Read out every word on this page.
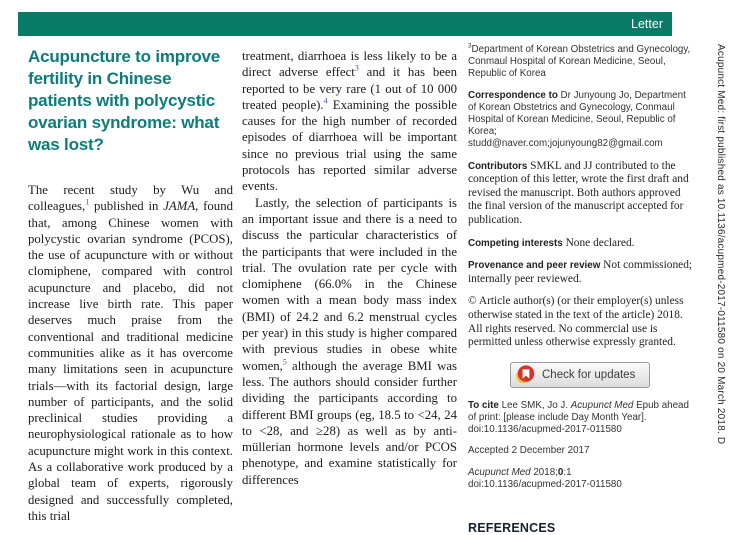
Letter
Acupunct Med: first published as 10.1136/acupmed-2017-011580 on 20 March 2018. D
Acupuncture to improve
fertility in Chinese
patients with polycystic
ovarian syndrome: what
was lost?

The recent study by Wu and colleagues,$^1$ published in JAMA, found that, among Chinese women with polycystic ovarian syndrome (PCOS), the use of acupuncture with or without clomiphene, compared with control acupuncture and placebo, did not increase live birth rate. This paper deserves much praise from the conventional and traditional medicine communities alike as it has overcome many limitations seen in acupuncture trials—with its factorial design, large number of participants, and the solid preclinical studies providing a neurophysiological rationale as to how acupuncture might work in this context. As a collaborative work produced by a global team of experts, rigorously designed and successfully completed, this trial

treatment, diarrhoea is less likely to be a direct adverse effect$^3$ and it has been reported to be very rare (1 out of 10 000 treated people).$^4$ Examining the possible causes for the high number of recorded episodes of diarrhoea will be important since no previous trial using the same protocols has reported similar adverse events.

Lastly, the selection of participants is an important issue and there is a need to discuss the particular characteristics of the participants that were included in the trial. The ovulation rate per cycle with clomiphene (66.0% in the Chinese women with a mean body mass index (BMI) of 24.2 and 6.2 menstrual cycles per year) in this study is higher compared with previous studies in obese white women,$^5$ although the average BMI was less. The authors should consider further dividing the participants according to different BMI groups (eg, 18.5 to <24, 24 to <28, and ≥28) as well as by anti-müllerian hormone levels and/or PCOS phenotype, and examine statistically for differences

$^3$Department of Korean Obstetrics and Gynecology, Conmaul Hospital of Korean Medicine, Seoul, Republic of Korea
Correspondence to Dr Junyoung Jo, Department of Korean Obstetrics and Gynecology, Conmaul Hospital of Korean Medicine, Seoul, Republic of Korea; studd@naver.com;jojunyoung82@gmail.com
Contributors SMKL and JJ contributed to the conception of this letter, wrote the first draft and revised the manuscript. Both authors approved the final version of the manuscript accepted for publication.
Competing interests None declared.
Provenance and peer review Not commissioned; internally peer reviewed.
© Article author(s) (or their employer(s) unless otherwise stated in the text of the article) 2018. All rights reserved. No commercial use is permitted unless otherwise expressly granted.
Check for updates
To cite Lee SMK, Jo J. Acupunct Med Epub ahead of print: [please include Day Month Year].
doi:10.1136/acupmed-2017-011580
Accepted 2 December 2017
Acupunct Med 2018;0:1
doi:10.1136/acupmed-2017-011580
REFERENCES
